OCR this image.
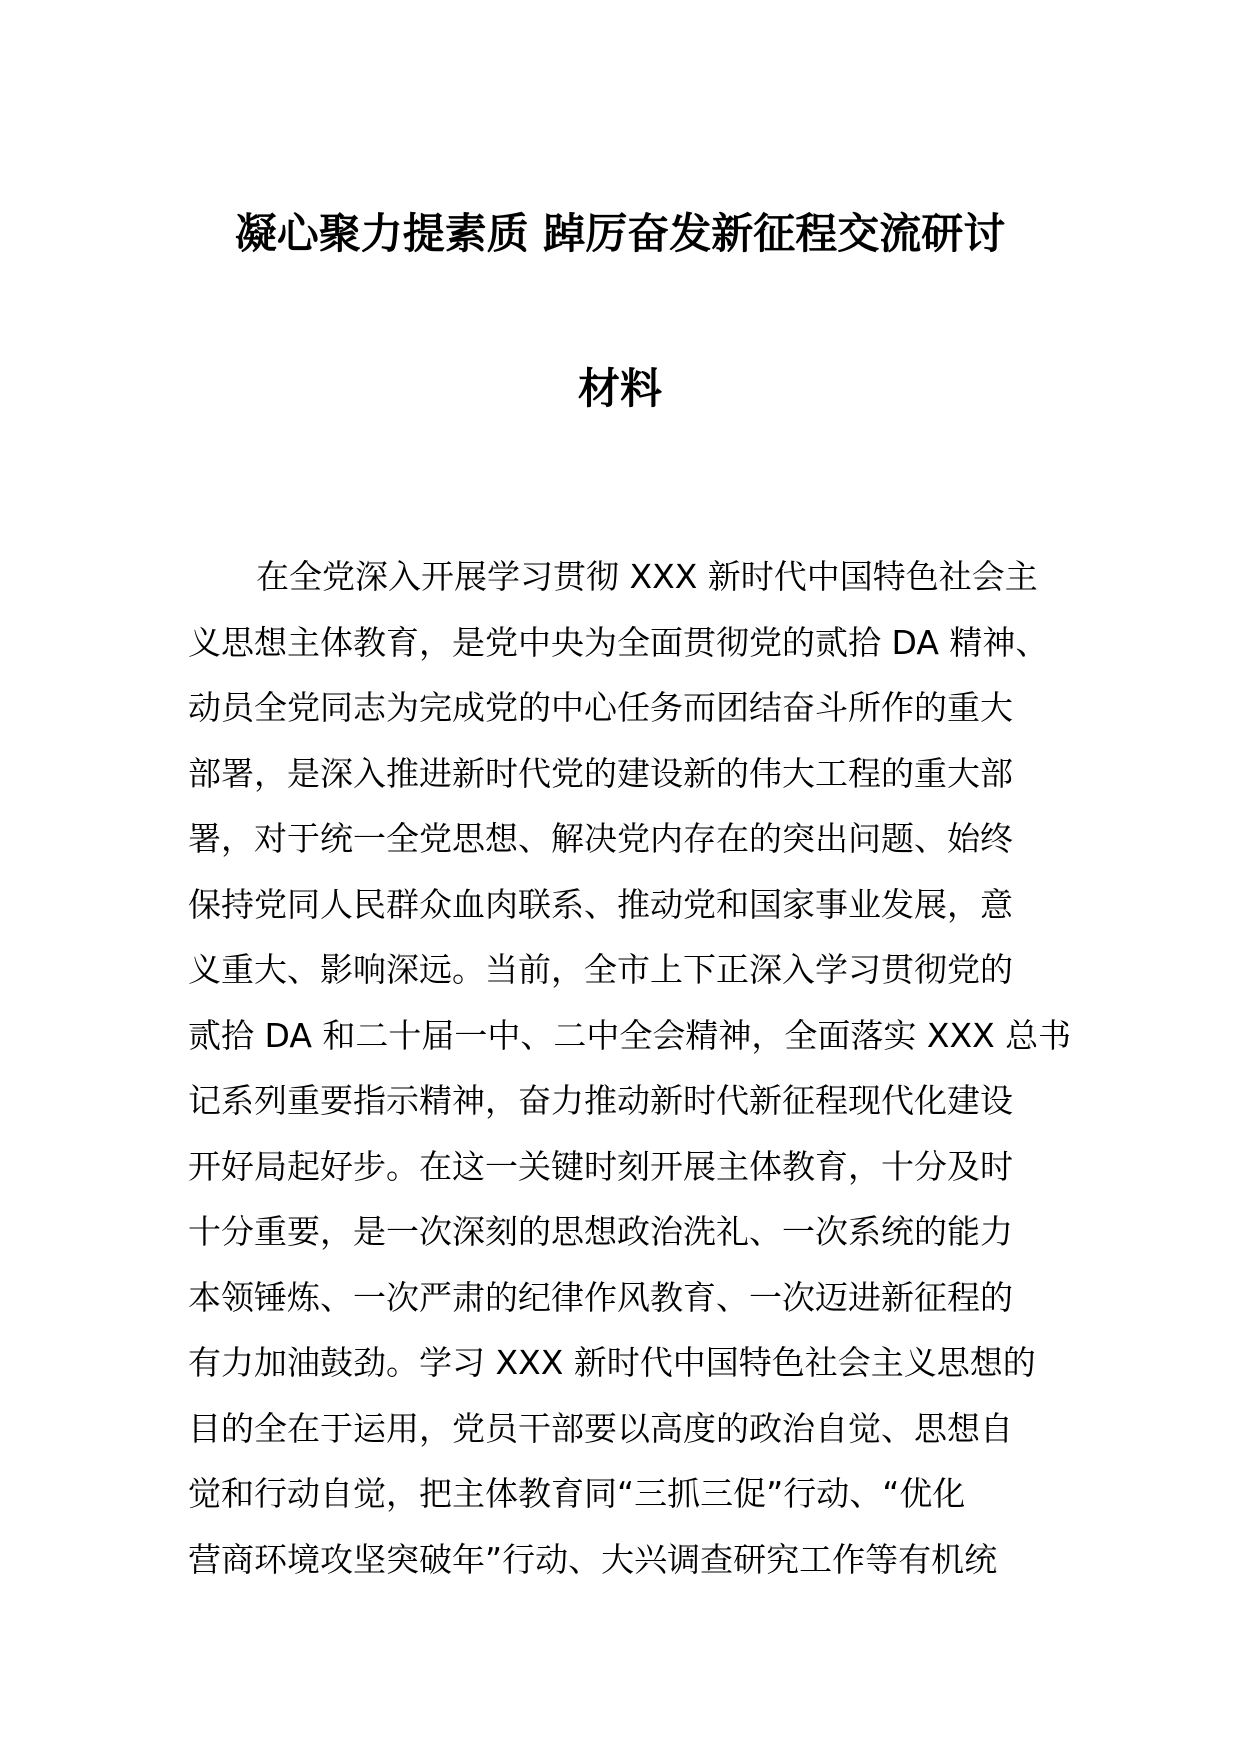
凝心聚力提素质 踔厉奋发新征程交流研讨
材料
在全党深入开展学习贯彻 XXX 新时代中国特色社会主
义思想主体教育，是党中央为全面贯彻党的贰拾 DA 精神、
动员全党同志为完成党的中心任务而团结奋斗所作的重大
部署，是深入推进新时代党的建设新的伟大工程的重大部
署，对于统一全党思想、解决党内存在的突出问题、始终
保持党同人民群众血肉联系、推动党和国家事业发展，意
义重大、影响深远。当前，全市上下正深入学习贯彻党的
贰拾 DA 和二十届一中、二中全会精神，全面落实 XXX 总书
记系列重要指示精神，奋力推动新时代新征程现代化建设
开好局起好步。在这一关键时刻开展主体教育，十分及时
十分重要，是一次深刻的思想政治洗礼、一次系统的能力
本领锤炼、一次严肃的纪律作风教育、一次迈进新征程的
有力加油鼓劲。学习 XXX 新时代中国特色社会主义思想的
目的全在于运用，党员干部要以高度的政治自觉、思想自
觉和行动自觉，把主体教育同“三抓三促”行动、“优化
营商环境攻坚突破年”行动、大兴调查研究工作等有机统
